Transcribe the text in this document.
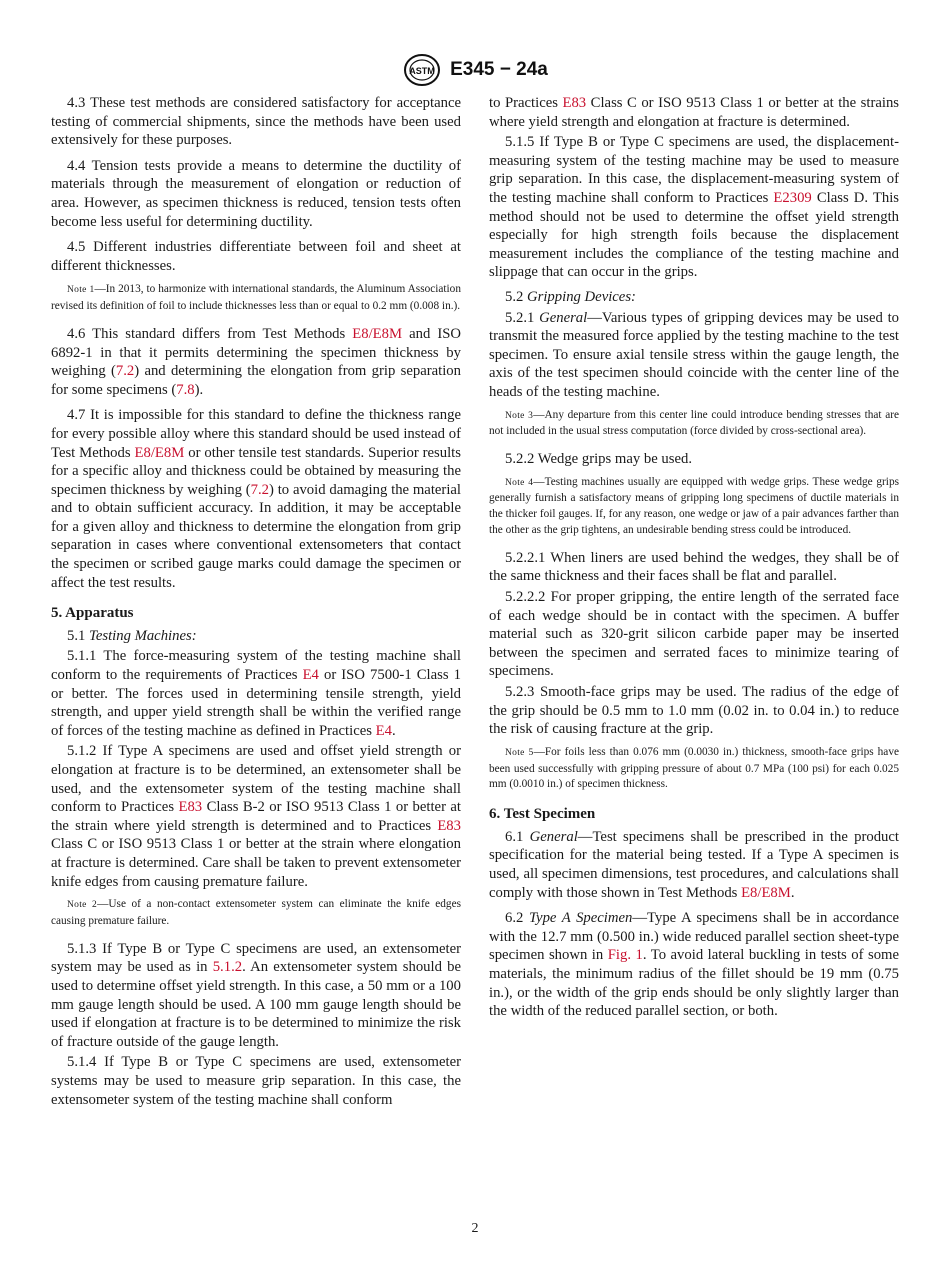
ASTM E345 − 24a

4.3 These test methods are considered satisfactory for acceptance testing of commercial shipments, since the methods have been used extensively for these purposes.

4.4 Tension tests provide a means to determine the ductility of materials through the measurement of elongation or reduction of area. However, as specimen thickness is reduced, tension tests often become less useful for determining ductility.

4.5 Different industries differentiate between foil and sheet at different thicknesses.

Note 1—In 2013, to harmonize with international standards, the Aluminum Association revised its definition of foil to include thicknesses less than or equal to 0.2 mm (0.008 in.).

4.6 This standard differs from Test Methods E8/E8M and ISO 6892-1 in that it permits determining the specimen thickness by weighing (7.2) and determining the elongation from grip separation for some specimens (7.8).

4.7 It is impossible for this standard to define the thickness range for every possible alloy where this standard should be used instead of Test Methods E8/E8M or other tensile test standards. Superior results for a specific alloy and thickness could be obtained by measuring the specimen thickness by weighing (7.2) to avoid damaging the material and to obtain sufficient accuracy. In addition, it may be acceptable for a given alloy and thickness to determine the elongation from grip separation in cases where conventional extensometers that contact the specimen or scribed gauge marks could damage the specimen or affect the test results.

5. Apparatus

5.1 Testing Machines:

5.1.1 The force-measuring system of the testing machine shall conform to the requirements of Practices E4 or ISO 7500-1 Class 1 or better. The forces used in determining tensile strength, yield strength, and upper yield strength shall be within the verified range of forces of the testing machine as defined in Practices E4.

5.1.2 If Type A specimens are used and offset yield strength or elongation at fracture is to be determined, an extensometer shall be used, and the extensometer system of the testing machine shall conform to Practices E83 Class B-2 or ISO 9513 Class 1 or better at the strain where yield strength is determined and to Practices E83 Class C or ISO 9513 Class 1 or better at the strain where elongation at fracture is determined. Care shall be taken to prevent extensometer knife edges from causing premature failure.

Note 2—Use of a non-contact extensometer system can eliminate the knife edges causing premature failure.

5.1.3 If Type B or Type C specimens are used, an extensometer system may be used as in 5.1.2. An extensometer system should be used to determine offset yield strength. In this case, a 50 mm or a 100 mm gauge length should be used. A 100 mm gauge length should be used if elongation at fracture is to be determined to minimize the risk of fracture outside of the gauge length.

5.1.4 If Type B or Type C specimens are used, extensometer systems may be used to measure grip separation. In this case, the extensometer system of the testing machine shall conform

to Practices E83 Class C or ISO 9513 Class 1 or better at the strains where yield strength and elongation at fracture is determined.

5.1.5 If Type B or Type C specimens are used, the displacement-measuring system of the testing machine may be used to measure grip separation. In this case, the displacement-measuring system of the testing machine shall conform to Practices E2309 Class D. This method should not be used to determine the offset yield strength especially for high strength foils because the displacement measurement includes the compliance of the testing machine and slippage that can occur in the grips.

5.2 Gripping Devices:

5.2.1 General—Various types of gripping devices may be used to transmit the measured force applied by the testing machine to the test specimen. To ensure axial tensile stress within the gauge length, the axis of the test specimen should coincide with the center line of the heads of the testing machine.

Note 3—Any departure from this center line could introduce bending stresses that are not included in the usual stress computation (force divided by cross-sectional area).

5.2.2 Wedge grips may be used.

Note 4—Testing machines usually are equipped with wedge grips. These wedge grips generally furnish a satisfactory means of gripping long specimens of ductile materials in the thicker foil gauges. If, for any reason, one wedge or jaw of a pair advances farther than the other as the grip tightens, an undesirable bending stress could be introduced.

5.2.2.1 When liners are used behind the wedges, they shall be of the same thickness and their faces shall be flat and parallel.

5.2.2.2 For proper gripping, the entire length of the serrated face of each wedge should be in contact with the specimen. A buffer material such as 320-grit silicon carbide paper may be inserted between the specimen and serrated faces to minimize tearing of specimens.

5.2.3 Smooth-face grips may be used. The radius of the edge of the grip should be 0.5 mm to 1.0 mm (0.02 in. to 0.04 in.) to reduce the risk of causing fracture at the grip.

Note 5—For foils less than 0.076 mm (0.0030 in.) thickness, smooth-face grips have been used successfully with gripping pressure of about 0.7 MPa (100 psi) for each 0.025 mm (0.0010 in.) of specimen thickness.
6. Test Specimen

6.1 General—Test specimens shall be prescribed in the product specification for the material being tested. If a Type A specimen is used, all specimen dimensions, test procedures, and calculations shall comply with those shown in Test Methods E8/E8M.

6.2 Type A Specimen—Type A specimens shall be in accordance with the 12.7 mm (0.500 in.) wide reduced parallel section sheet-type specimen shown in Fig. 1. To avoid lateral buckling in tests of some materials, the minimum radius of the fillet should be 19 mm (0.75 in.), or the width of the grip ends should be only slightly larger than the width of the reduced parallel section, or both.

2
